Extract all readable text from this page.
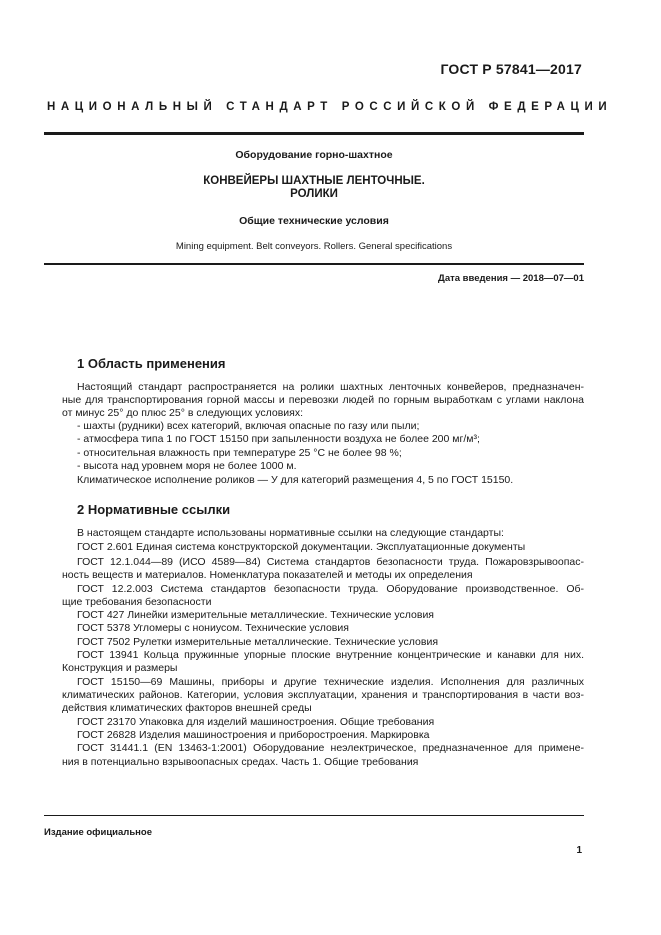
ГОСТ Р 57841—2017
НАЦИОНАЛЬНЫЙ СТАНДАРТ РОССИЙСКОЙ ФЕДЕРАЦИИ
Оборудование горно-шахтное
КОНВЕЙЕРЫ ШАХТНЫЕ ЛЕНТОЧНЫЕ.
РОЛИКИ
Общие технические условия
Mining equipment. Belt conveyors. Rollers. General specifications
Дата введения — 2018—07—01
1 Область применения
Настоящий стандарт распространяется на ролики шахтных ленточных конвейеров, предназначен-
ные для транспортирования горной массы и перевозки людей по горным выработкам с углами наклона
от минус 25° до плюс 25° в следующих условиях:
- шахты (рудники) всех категорий, включая опасные по газу или пыли;
- атмосфера типа 1 по ГОСТ 15150 при запыленности воздуха не более 200 мг/м³;
- относительная влажность при температуре 25 °С не более 98 %;
- высота над уровнем моря не более 1000 м.
Климатическое исполнение роликов — У для категорий размещения 4, 5 по ГОСТ 15150.
2 Нормативные ссылки
В настоящем стандарте использованы нормативные ссылки на следующие стандарты:
ГОСТ 2.601 Единая система конструкторской документации. Эксплуатационные документы
ГОСТ 12.1.044—89 (ИСО 4589—84) Система стандартов безопасности труда. Пожаровзрывоопас-
ность веществ и материалов. Номенклатура показателей и методы их определения
ГОСТ 12.2.003 Система стандартов безопасности труда. Оборудование производственное. Об-
щие требования безопасности
ГОСТ 427 Линейки измерительные металлические. Технические условия
ГОСТ 5378 Угломеры с нониусом. Технические условия
ГОСТ 7502 Рулетки измерительные металлические. Технические условия
ГОСТ 13941 Кольца пружинные упорные плоские внутренние концентрические и канавки для них.
Конструкция и размеры
ГОСТ 15150—69 Машины, приборы и другие технические изделия. Исполнения для различных
климатических районов. Категории, условия эксплуатации, хранения и транспортирования в части воз-
действия климатических факторов внешней среды
ГОСТ 23170 Упаковка для изделий машиностроения. Общие требования
ГОСТ 26828 Изделия машиностроения и приборостроения. Маркировка
ГОСТ 31441.1 (EN 13463-1:2001) Оборудование неэлектрическое, предназначенное для примене-
ния в потенциально взрывоопасных средах. Часть 1. Общие требования
Издание официальное
1
